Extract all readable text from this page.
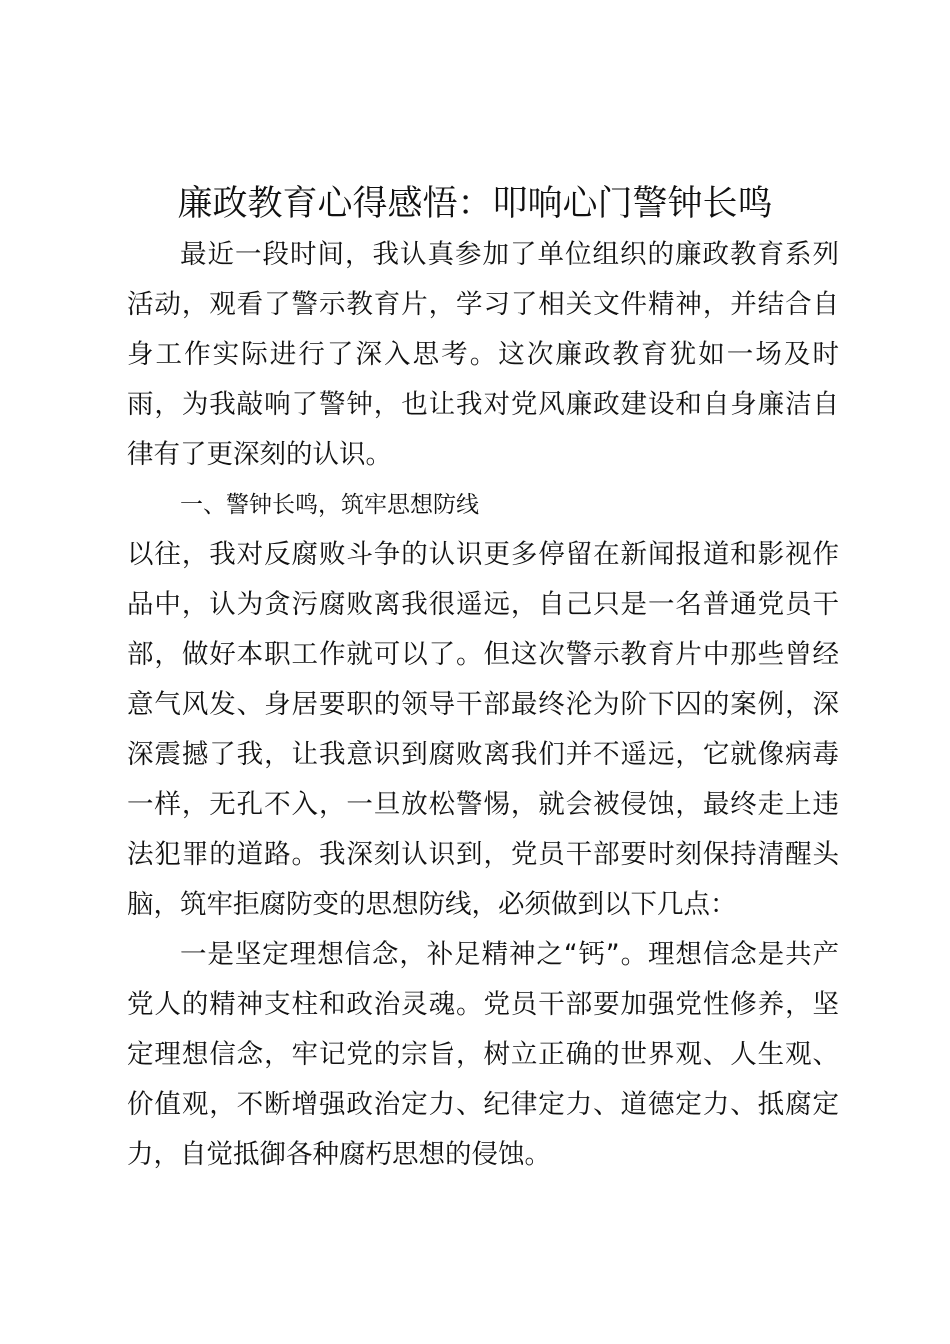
廉政教育心得感悟：叩响心门警钟长鸣

最近一段时间，我认真参加了单位组织的廉政教育系列活动，观看了警示教育片，学习了相关文件精神，并结合自身工作实际进行了深入思考。这次廉政教育犹如一场及时雨，为我敲响了警钟，也让我对党风廉政建设和自身廉洁自律有了更深刻的认识。

一、警钟长鸣，筑牢思想防线

以往，我对反腐败斗争的认识更多停留在新闻报道和影视作品中，认为贪污腐败离我很遥远，自己只是一名普通党员干部，做好本职工作就可以了。但这次警示教育片中那些曾经意气风发、身居要职的领导干部最终沦为阶下囚的案例，深深震撼了我，让我意识到腐败离我们并不遥远，它就像病毒一样，无孔不入，一旦放松警惕，就会被侵蚀，最终走上违法犯罪的道路。我深刻认识到，党员干部要时刻保持清醒头脑，筑牢拒腐防变的思想防线，必须做到以下几点：

一是坚定理想信念，补足精神之“钙”。理想信念是共产党人的精神支柱和政治灵魂。党员干部要加强党性修养，坚定理想信念，牢记党的宗旨，树立正确的世界观、人生观、价值观，不断增强政治定力、纪律定力、道德定力、抵腐定力，自觉抵御各种腐朽思想的侵蚀。
